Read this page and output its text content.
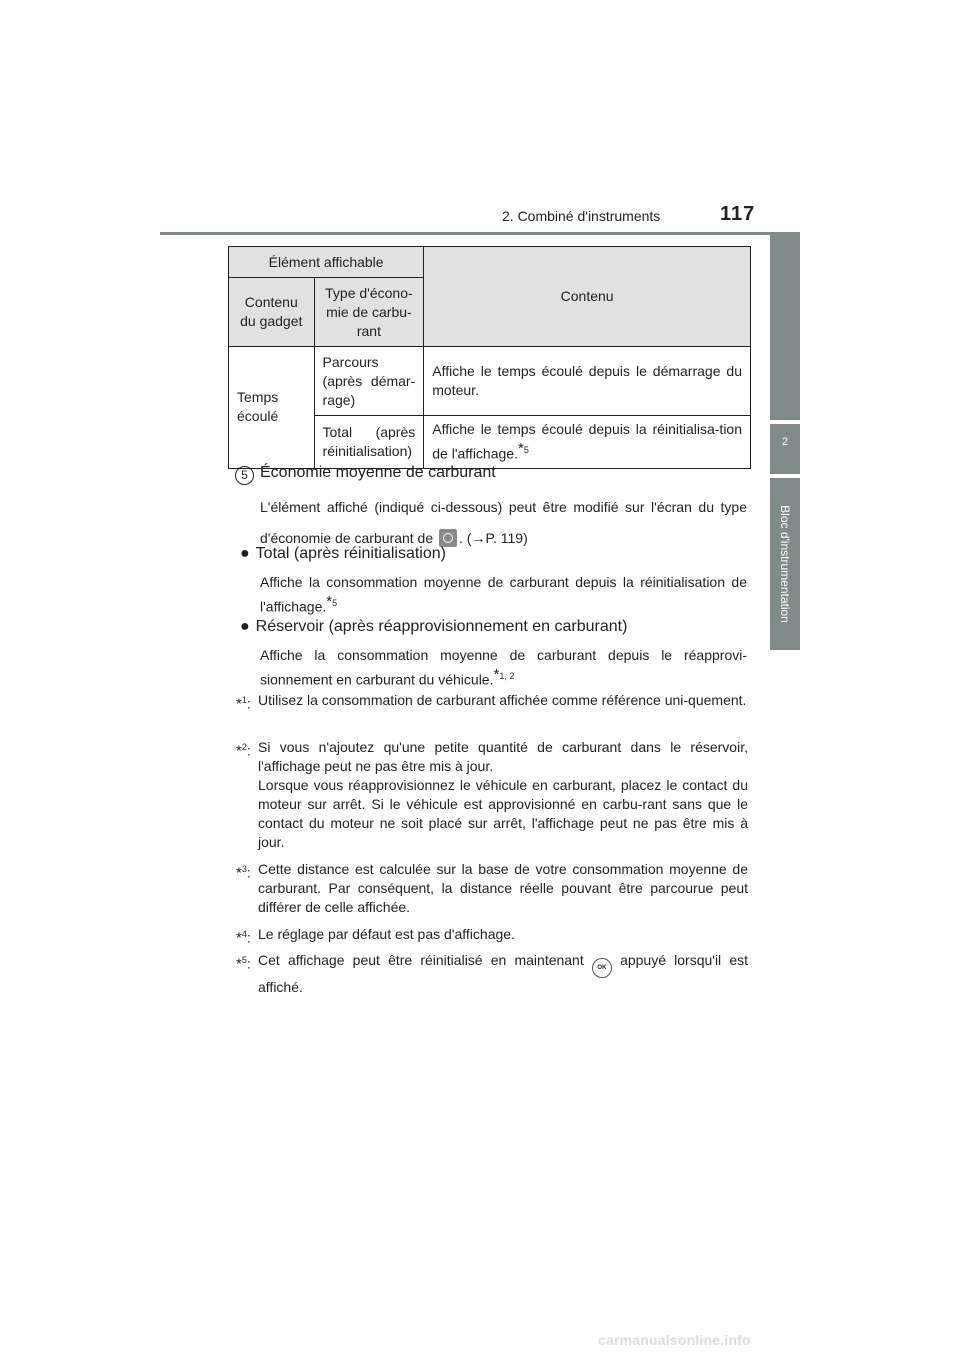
2. Combiné d'instruments	117
2
Bloc d'instrumentation
Élément affichable		Contenu
Contenu du gadget	Type d'écono-mie de carbu-rant	
Temps écoulé	Parcours (après démar-rage)	Affiche le temps écoulé depuis le démarrage du moteur.
	Total (après réinitialisation)	Affiche le temps écoulé depuis la réinitialisa-tion de l'affichage.$^{*5}$
5 Économie moyenne de carburant
L'élément affiché (indiqué ci-dessous) peut être modifié sur l'écran du type d'économie de carburant de . (→P. 119)
● Total (après réinitialisation)
Affiche la consommation moyenne de carburant depuis la réinitialisation de l'affichage.$^{*5}$
● Réservoir (après réapprovisionnement en carburant)
Affiche la consommation moyenne de carburant depuis le réapprovi-sionnement en carburant du véhicule.$^{*1, 2}$
*$^1$: Utilisez la consommation de carburant affichée comme référence uni-quement.
*$^2$: Si vous n'ajoutez qu'une petite quantité de carburant dans le réservoir, l'affichage peut ne pas être mis à jour.
Lorsque vous réapprovisionnez le véhicule en carburant, placez le contact du moteur sur arrêt. Si le véhicule est approvisionné en carbu-rant sans que le contact du moteur ne soit placé sur arrêt, l'affichage peut ne pas être mis à jour.
*$^3$: Cette distance est calculée sur la base de votre consommation moyenne de carburant. Par conséquent, la distance réelle pouvant être parcourue peut différer de celle affichée.
*$^4$: Le réglage par défaut est pas d'affichage.
*$^5$: Cet affichage peut être réinitialisé en maintenant OK appuyé lorsqu'il est affiché.
carmanualsonline.info
